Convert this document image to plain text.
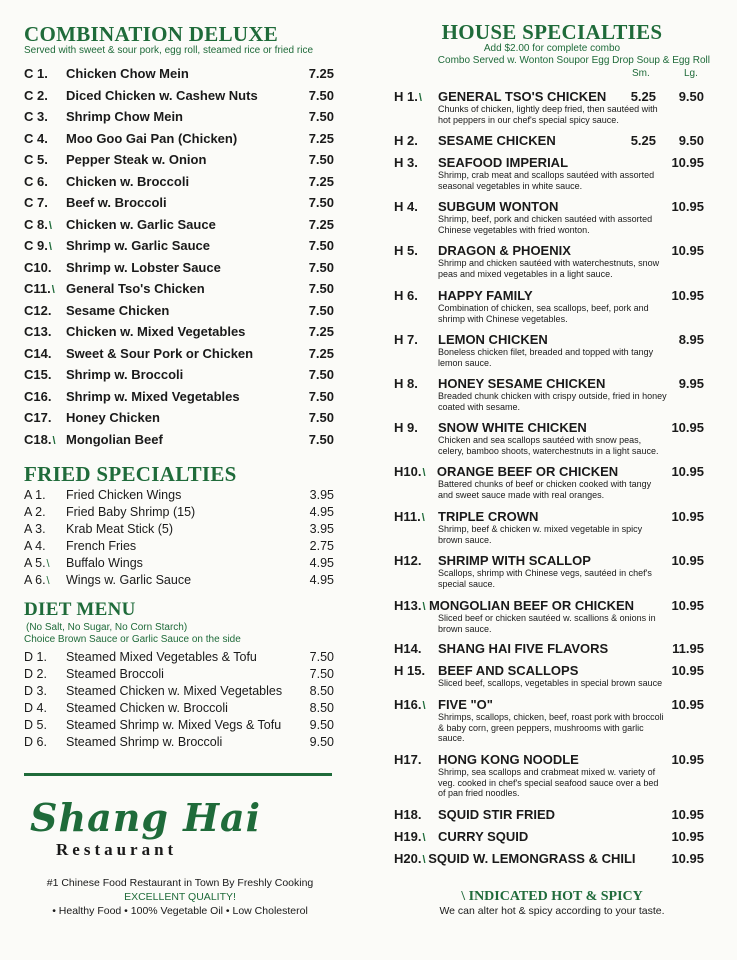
COMBINATION DELUXE
Served with sweet & sour pork, egg roll, steamed rice or fried rice
C 1.	Chicken Chow Mein	7.25
C 2.	Diced Chicken w. Cashew Nuts	7.50
C 3.	Shrimp Chow Mein	7.50
C 4.	Moo Goo Gai Pan (Chicken)	7.25
C 5.	Pepper Steak w. Onion	7.50
C 6.	Chicken w. Broccoli	7.25
C 7.	Beef w. Broccoli	7.50
C 8.\	Chicken w. Garlic Sauce	7.25
C 9.\	Shrimp w. Garlic Sauce	7.50
C10.	Shrimp w. Lobster Sauce	7.50
C11.\ General Tso's Chicken	7.50
C12.	Sesame Chicken	7.50
C13.	Chicken w. Mixed Vegetables	7.25
C14.	Sweet & Sour Pork or Chicken	7.25
C15.	Shrimp w. Broccoli	7.50
C16.	Shrimp w. Mixed Vegetables	7.50
C17.	Honey Chicken	7.50
C18.\ Mongolian Beef	7.50
FRIED SPECIALTIES
A 1.	Fried Chicken Wings	3.95
A 2.	Fried Baby Shrimp (15)	4.95
A 3.	Krab Meat Stick (5)	3.95
A 4.	French Fries	2.75
A 5.\	Buffalo Wings	4.95
A 6.\	Wings w. Garlic Sauce	4.95
DIET MENU
(No Salt, No Sugar, No Corn Starch)
Choice Brown Sauce or Garlic Sauce on the side
D 1.	Steamed Mixed Vegetables & Tofu	7.50
D 2.	Steamed Broccoli	7.50
D 3.	Steamed Chicken w. Mixed Vegetables	8.50
D 4.	Steamed Chicken w. Broccoli	8.50
D 5.	Steamed Shrimp w. Mixed Vegs & Tofu	9.50
D 6.	Steamed Shrimp w. Broccoli	9.50
Shang Hai
Restaurant
#1 Chinese Food Restaurant in Town By Freshly Cooking
EXCELLENT QUALITY!
• Healthy Food • 100% Vegetable Oil • Low Cholesterol
HOUSE SPECIALTIES
Add $2.00 for complete combo
Combo Served w. Wonton Soupor Egg Drop Soup & Egg Roll
Sm.	Lg.
H 1.\	GENERAL TSO'S CHICKEN	5.25	9.50
Chunks of chicken, lightly deep fried, then sautéed with hot peppers in our chef's special spicy sauce.
H 2.	SESAME CHICKEN	5.25	9.50
H 3.	SEAFOOD IMPERIAL	10.95
Shrimp, crab meat and scallops sautéed with assorted seasonal vegetables in white sauce.
H 4.	SUBGUM WONTON	10.95
Shrimp, beef, pork and chicken sautéed with assorted Chinese vegetables with fried wonton.
H 5.	DRAGON & PHOENIX	10.95
Shrimp and chicken sautéed with waterchestnuts, snow peas and mixed vegetables in a light sauce.
H 6.	HAPPY FAMILY	10.95
Combination of chicken, sea scallops, beef, pork and shrimp with Chinese vegetables.
H 7.	LEMON CHICKEN	8.95
Boneless chicken filet, breaded and topped with tangy lemon sauce.
H 8.	HONEY SESAME CHICKEN	9.95
Breaded chunk chicken with crispy outside, fried in honey coated with sesame.
H 9.	SNOW WHITE CHICKEN	10.95
Chicken and sea scallops sautéed with snow peas, celery, bamboo shoots, waterchestnuts in a light sauce.
H10.\ ORANGE BEEF OR CHICKEN	10.95
Battered chunks of beef or chicken cooked with tangy and sweet sauce made with real oranges.
H11.\	TRIPLE CROWN	10.95
Shrimp, beef & chicken w. mixed vegetable in spicy brown sauce.
H12.	SHRIMP WITH SCALLOP	10.95
Scallops, shrimp with Chinese vegs, sautéed in chef's special sauce.
H13.\ MONGOLIAN BEEF OR CHICKEN	10.95
Sliced beef or chicken sautéed w. scallions & onions in brown sauce.
H14.	SHANG HAI FIVE FLAVORS	11.95
H 15. BEEF AND SCALLOPS	10.95
Sliced beef, scallops, vegetables in special brown sauce
H16.\ FIVE "O"	10.95
Shrimps, scallops, chicken, beef, roast pork with broccoli & baby corn, green peppers, mushrooms with garlic sauce.
H17.	HONG KONG NOODLE	10.95
Shrimp, sea scallops and crabmeat mixed w. variety of veg. cooked in chef's special seafood sauce over a bed of pan fried noodles.
H18.	SQUID STIR FRIED	10.95
H19.\ CURRY SQUID	10.95
H20.\ SQUID W. LEMONGRASS & CHILI	10.95
\ INDICATED HOT & SPICY
We can alter hot & spicy according to your taste.
